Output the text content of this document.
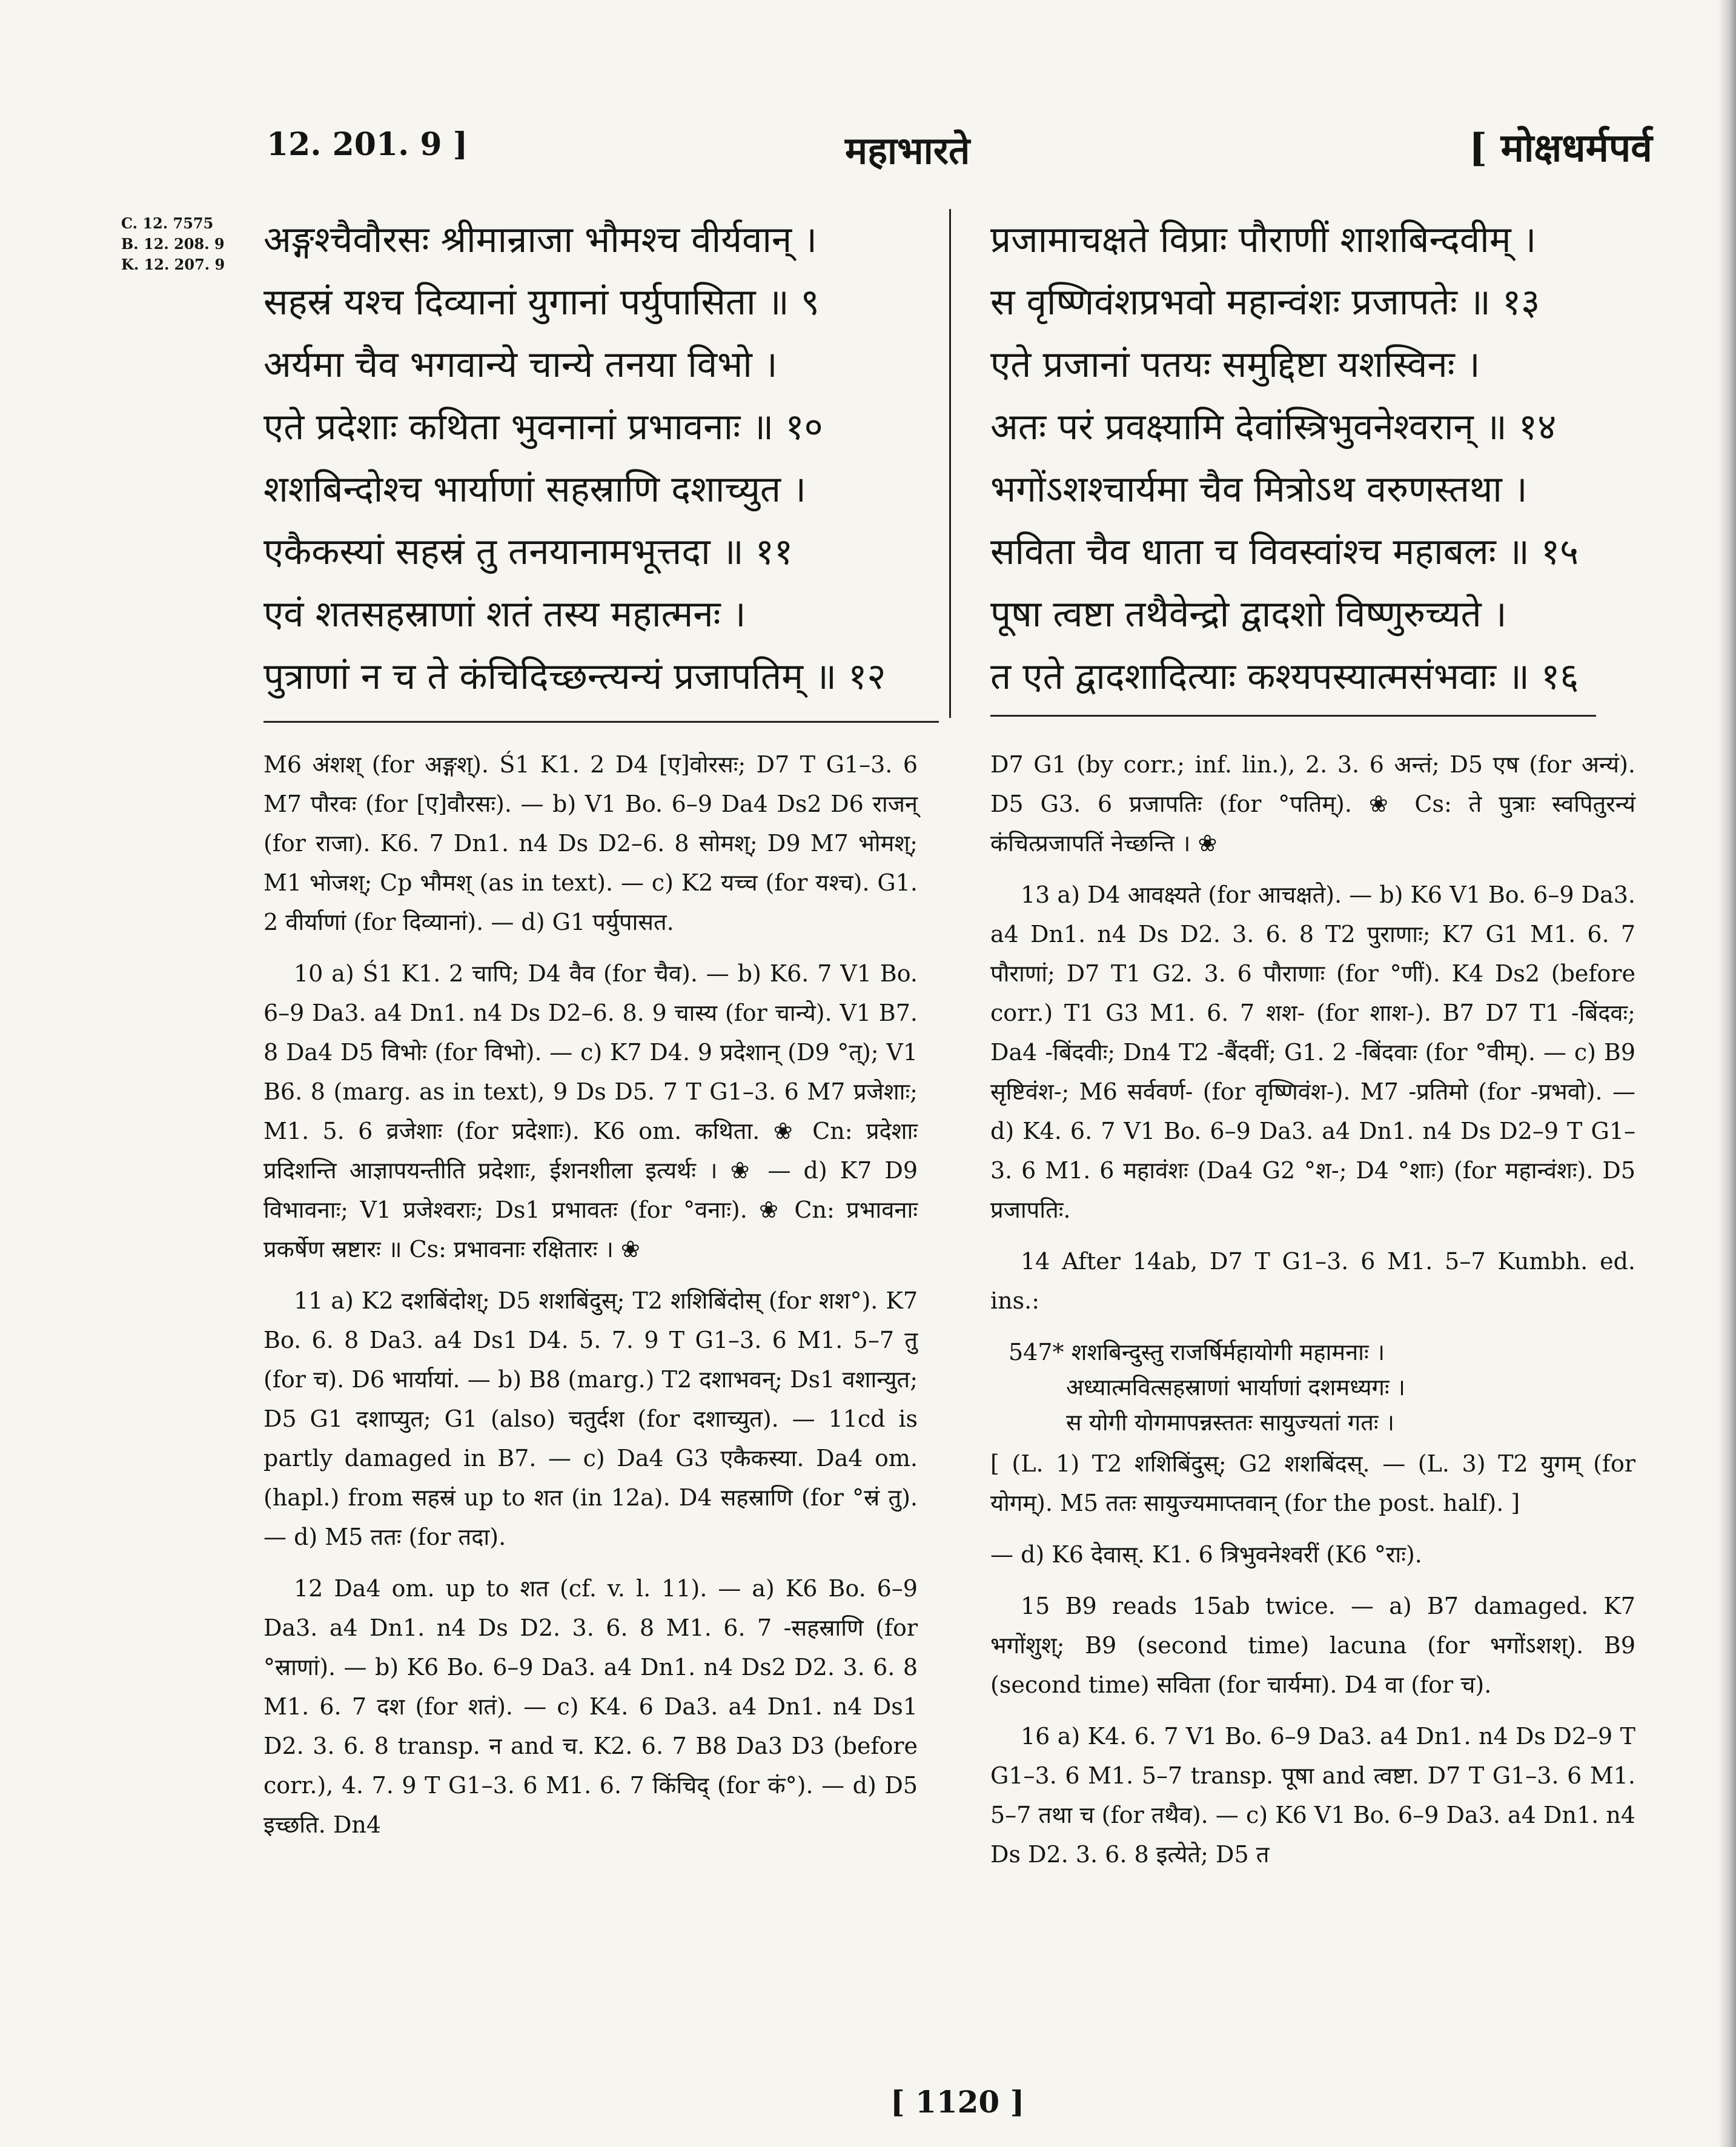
12. 201. 9 ]	महाभारते	[ मोक्षधर्मपर्व
C. 12. 7575
B. 12. 208. 9
K. 12. 207. 9
अङ्गश्चैवौरसः श्रीमान्राजा भौमश्च वीर्यवान् ।
सहस्रं यश्च दिव्यानां युगानां पर्युपासिता ॥ ९
अर्यमा चैव भगवान्ये चान्ये तनया विभो ।
एते प्रदेशाः कथिता भुवनानां प्रभावनाः ॥ १०
शशबिन्दोश्च भार्याणां सहस्राणि दशाच्युत ।
एकैकस्यां सहस्रं तु तनयानामभूत्तदा ॥ ११
एवं शतसहस्राणां शतं तस्य महात्मनः ।
पुत्राणां न च ते कंचिदिच्छन्त्यन्यं प्रजापतिम् ॥ १२
प्रजामाचक्षते विप्राः पौराणीं शाशबिन्दवीम् ।
स वृष्णिवंशप्रभवो महान्वंशः प्रजापतेः ॥ १३
एते प्रजानां पतयः समुद्दिष्टा यशस्विनः ।
अतः परं प्रवक्ष्यामि देवांस्त्रिभुवनेश्वरान् ॥ १४
भगोंऽशश्चार्यमा चैव मित्रोऽथ वरुणस्तथा ।
सविता चैव धाता च विवस्वांश्च महाबलः ॥ १५
पूषा त्वष्टा तथैवेन्द्रो द्वादशो विष्णुरुच्यते ।
त एते द्वादशादित्याः कश्यपस्यात्मसंभवाः ॥ १६

M6 अंशश् (for अङ्गश्). Ś1 K1. 2 D4 [ए]वोरसः; D7 T G1–3. 6 M7 पौरवः (for [ए]वौरसः). — b) V1 Bo. 6–9 Da4 Ds2 D6 राजन् (for राजा). K6. 7 Dn1. n4 Ds D2–6. 8 सोमश्; D9 M7 भोमश्; M1 भोजश्; Cp भौमश् (as in text). — c) K2 यच्च (for यश्च). G1. 2 वीर्याणां (for दिव्यानां). — d) G1 पर्युपासत.

10 a) Ś1 K1. 2 चापि; D4 वैव (for चैव). — b) K6. 7 V1 Bo. 6–9 Da3. a4 Dn1. n4 Ds D2–6. 8. 9 चास्य (for चान्ये). V1 B7. 8 Da4 D5 विभोः (for विभो). — c) K7 D4. 9 प्रदेशान् (D9 °त्); V1 B6. 8 (marg. as in text), 9 Ds D5. 7 T G1–3. 6 M7 प्रजेशाः; M1. 5. 6 व्रजेशाः (for प्रदेशाः). K6 om. कथिता. ❀ Cn: प्रदेशाः प्रदिशन्ति आज्ञापयन्तीति प्रदेशाः, ईशनशीला इत्यर्थः । ❀ — d) K7 D9 विभावनाः; V1 प्रजेश्वराः; Ds1 प्रभावतः (for °वनाः). ❀ Cn: प्रभावनाः प्रकर्षेण स्रष्टारः ॥ Cs: प्रभावनाः रक्षितारः । ❀

11 a) K2 दशबिंदोश्; D5 शशबिंदुस्; T2 शशिबिंदोस् (for शश°). K7 Bo. 6. 8 Da3. a4 Ds1 D4. 5. 7. 9 T G1–3. 6 M1. 5–7 तु (for च). D6 भार्यायां. — b) B8 (marg.) T2 दशाभवन्; Ds1 वशान्युत; D5 G1 दशाप्युत; G1 (also) चतुर्दश (for दशाच्युत). — 11cd is partly damaged in B7. — c) Da4 G3 एकैकस्या. Da4 om. (hapl.) from सहस्रं up to शत (in 12a). D4 सहस्राणि (for °स्रं तु). — d) M5 ततः (for तदा).

12 Da4 om. up to शत (cf. v. l. 11). — a) K6 Bo. 6–9 Da3. a4 Dn1. n4 Ds D2. 3. 6. 8 M1. 6. 7 -सहस्राणि (for °स्राणां). — b) K6 Bo. 6–9 Da3. a4 Dn1. n4 Ds2 D2. 3. 6. 8 M1. 6. 7 दश (for शतं). — c) K4. 6 Da3. a4 Dn1. n4 Ds1 D2. 3. 6. 8 transp. न and च. K2. 6. 7 B8 Da3 D3 (before corr.), 4. 7. 9 T G1–3. 6 M1. 6. 7 किंचिद् (for कं°). — d) D5 इच्छति. Dn4

D7 G1 (by corr.; inf. lin.), 2. 3. 6 अन्तं; D5 एष (for अन्यं). D5 G3. 6 प्रजापतिः (for °पतिम्). ❀ Cs: ते पुत्राः स्वपितुरन्यं कंचित्प्रजापतिं नेच्छन्ति । ❀

13 a) D4 आवक्ष्यते (for आचक्षते). — b) K6 V1 Bo. 6–9 Da3. a4 Dn1. n4 Ds D2. 3. 6. 8 T2 पुराणाः; K7 G1 M1. 6. 7 पौराणां; D7 T1 G2. 3. 6 पौराणाः (for °णीं). K4 Ds2 (before corr.) T1 G3 M1. 6. 7 शश- (for शाश-). B7 D7 T1 -बिंदवः; Da4 -बिंदवीः; Dn4 T2 -बैंदवीं; G1. 2 -बिंदवाः (for °वीम्). — c) B9 सृष्टिवंश-; M6 सर्ववर्ण- (for वृष्णिवंश-). M7 -प्रतिमो (for -प्रभवो). — d) K4. 6. 7 V1 Bo. 6–9 Da3. a4 Dn1. n4 Ds D2–9 T G1–3. 6 M1. 6 महावंशः (Da4 G2 °श-; D4 °शाः) (for महान्वंशः). D5 प्रजापतिः.

14 After 14ab, D7 T G1–3. 6 M1. 5–7 Kumbh. ed. ins.:

547* शशबिन्दुस्तु राजर्षिर्महायोगी महामनाः ।
अध्यात्मवित्सहस्राणां भार्याणां दशमध्यगः ।
स योगी योगमापन्नस्ततः सायुज्यतां गतः ।

[ (L. 1) T2 शशिबिंदुस्; G2 शशबिंदस्. — (L. 3) T2 युगम् (for योगम्). M5 ततः सायुज्यमाप्तवान् (for the post. half). ]

— d) K6 देवास्. K1. 6 त्रिभुवनेश्वरीं (K6 °राः).

15 B9 reads 15ab twice. — a) B7 damaged. K7 भगोंशुश्; B9 (second time) lacuna (for भगोंऽशश्). B9 (second time) सविता (for चार्यमा). D4 वा (for च).

16 a) K4. 6. 7 V1 Bo. 6–9 Da3. a4 Dn1. n4 Ds D2–9 T G1–3. 6 M1. 5–7 transp. पूषा and त्वष्टा. D7 T G1–3. 6 M1. 5–7 तथा च (for तथैव). — c) K6 V1 Bo. 6–9 Da3. a4 Dn1. n4 Ds D2. 3. 6. 8 इत्येते; D5 त

[ 1120 ]
